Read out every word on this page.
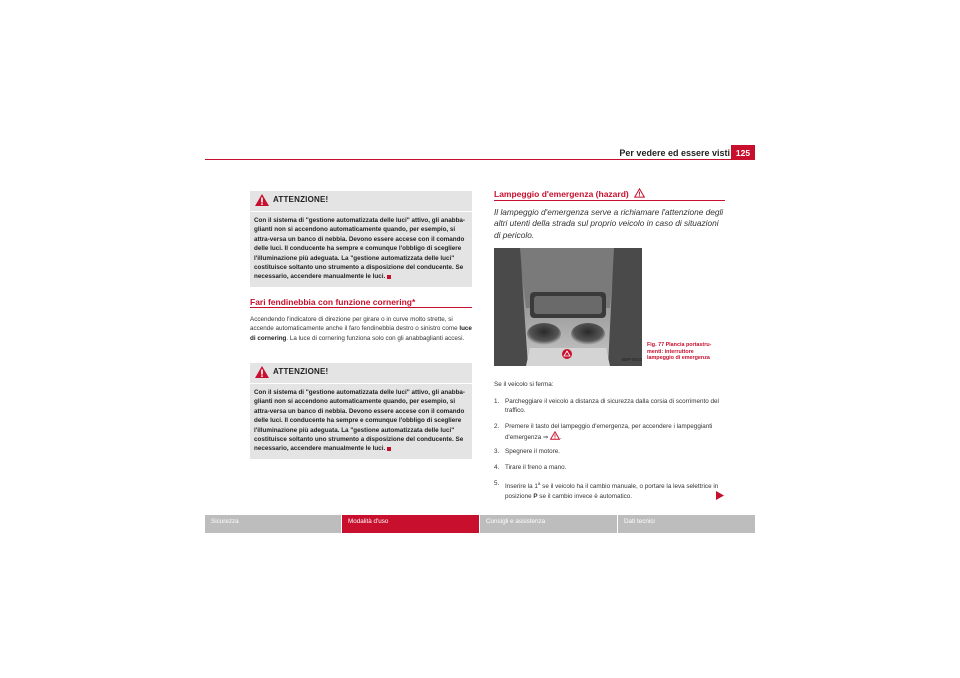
Per vedere ed essere visti 125
ATTENZIONE!
Con il sistema di "gestione automatizzata delle luci" attivo, gli anabba-glianti non si accendono automaticamente quando, per esempio, si attra-versa un banco di nebbia. Devono essere accese con il comando delle luci. Il conducente ha sempre e comunque l'obbligo di scegliere l'illuminazione più adeguata. La "gestione automatizzata delle luci" costituisce soltanto uno strumento a disposizione del conducente. Se necessario, accendere manualmente le luci.
Fari fendinebbia con funzione cornering*
Accendendo l'indicatore di direzione per girare o in curve molto strette, si accende automaticamente anche il faro fendinebbia destro o sinistro come luce di cornering. La luce di cornering funziona solo con gli anabbaglianti accesi.
ATTENZIONE!
Con il sistema di "gestione automatizzata delle luci" attivo, gli anabba-glianti non si accendono automaticamente quando, per esempio, si attra-versa un banco di nebbia. Devono essere accese con il comando delle luci. Il conducente ha sempre e comunque l'obbligo di scegliere l'illuminazione più adeguata. La "gestione automatizzata delle luci" costituisce soltanto uno strumento a disposizione del conducente. Se necessario, accendere manualmente le luci.
Lampeggio d'emergenza (hazard)
Il lampeggio d'emergenza serve a richiamare l'attenzione degli altri utenti della strada sul proprio veicolo in caso di situazioni di pericolo.
B5P-0010
Fig. 77 Plancia portastru-menti: interruttore lampeggio di emergenza
Se il veicolo si ferma:
1. Parcheggiare il veicolo a distanza di sicurezza dalla corsia di scorrimento del traffico.
2. Premere il tasto del lampeggio d'emergenza, per accendere i lampeggianti d'emergenza ⇒ .
3. Spegnere il motore.
4. Tirare il freno a mano.
5. Inserire la 1$^a$ se il veicolo ha il cambio manuale, o portare la leva selettrice in posizione P se il cambio invece è automatico.
Sicurezza	Modalità d'uso	Consigli e assistenza	Dati tecnici
